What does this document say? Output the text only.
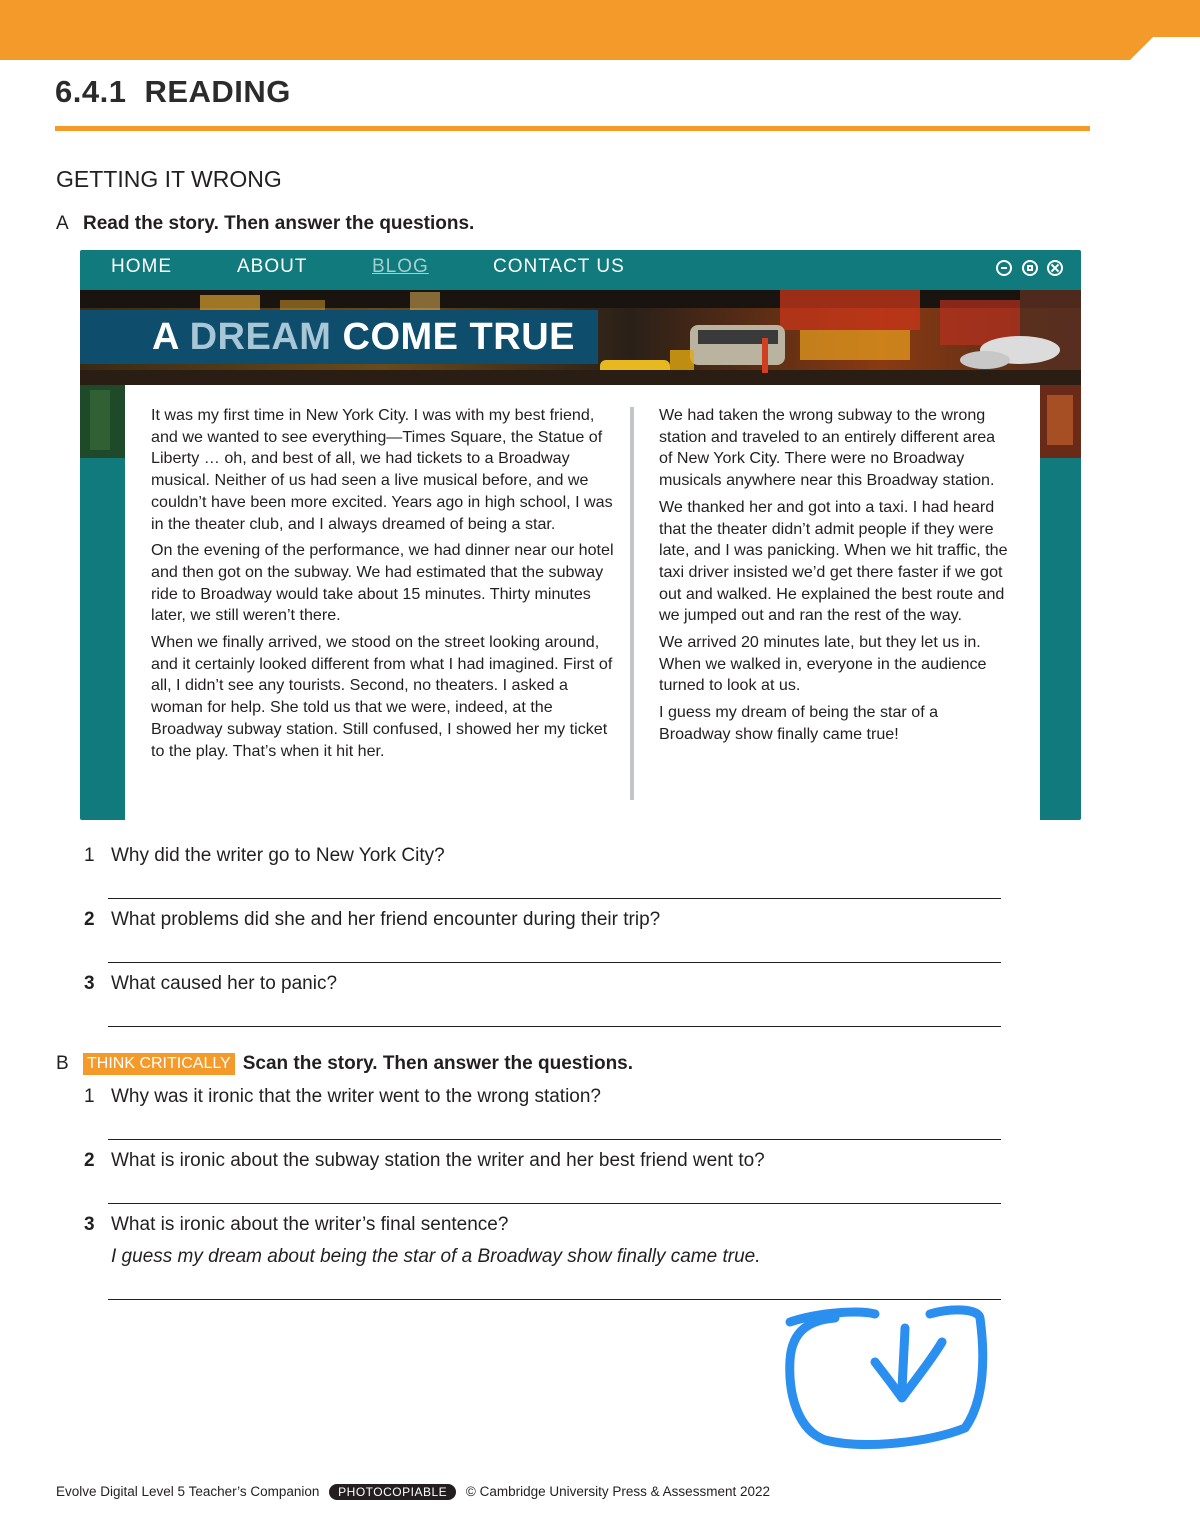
6.4.1 READING
GETTING IT WRONG
A Read the story. Then answer the questions.
HOME	ABOUT	BLOG	CONTACT US
A DREAM COME TRUE

It was my first time in New York City. I was with my best friend, and we wanted to see everything—Times Square, the Statue of Liberty … oh, and best of all, we had tickets to a Broadway musical. Neither of us had seen a live musical before, and we couldn’t have been more excited. Years ago in high school, I was in the theater club, and I always dreamed of being a star.

On the evening of the performance, we had dinner near our hotel and then got on the subway. We had estimated that the subway ride to Broadway would take about 15 minutes. Thirty minutes later, we still weren’t there.

When we finally arrived, we stood on the street looking around, and it certainly looked different from what I had imagined. First of all, I didn’t see any tourists. Second, no theaters. I asked a woman for help. She told us that we were, indeed, at the Broadway subway station. Still confused, I showed her my ticket to the play. That’s when it hit her.

We had taken the wrong subway to the wrong station and traveled to an entirely different area of New York City. There were no Broadway musicals anywhere near this Broadway station.

We thanked her and got into a taxi. I had heard that the theater didn’t admit people if they were late, and I was panicking. When we hit traffic, the taxi driver insisted we’d get there faster if we got out and walked. He explained the best route and we jumped out and ran the rest of the way.

We arrived 20 minutes late, but they let us in. When we walked in, everyone in the audience turned to look at us.

I guess my dream of being the star of a Broadway show finally came true!

1 Why did the writer go to New York City?
2 What problems did she and her friend encounter during their trip?
3 What caused her to panic?
B THINK CRITICALLY Scan the story. Then answer the questions.
1 Why was it ironic that the writer went to the wrong station?
2 What is ironic about the subway station the writer and her best friend went to?
3 What is ironic about the writer’s final sentence?
I guess my dream about being the star of a Broadway show finally came true.
Evolve Digital Level 5 Teacher’s Companion PHOTOCOPIABLE © Cambridge University Press & Assessment 2022
